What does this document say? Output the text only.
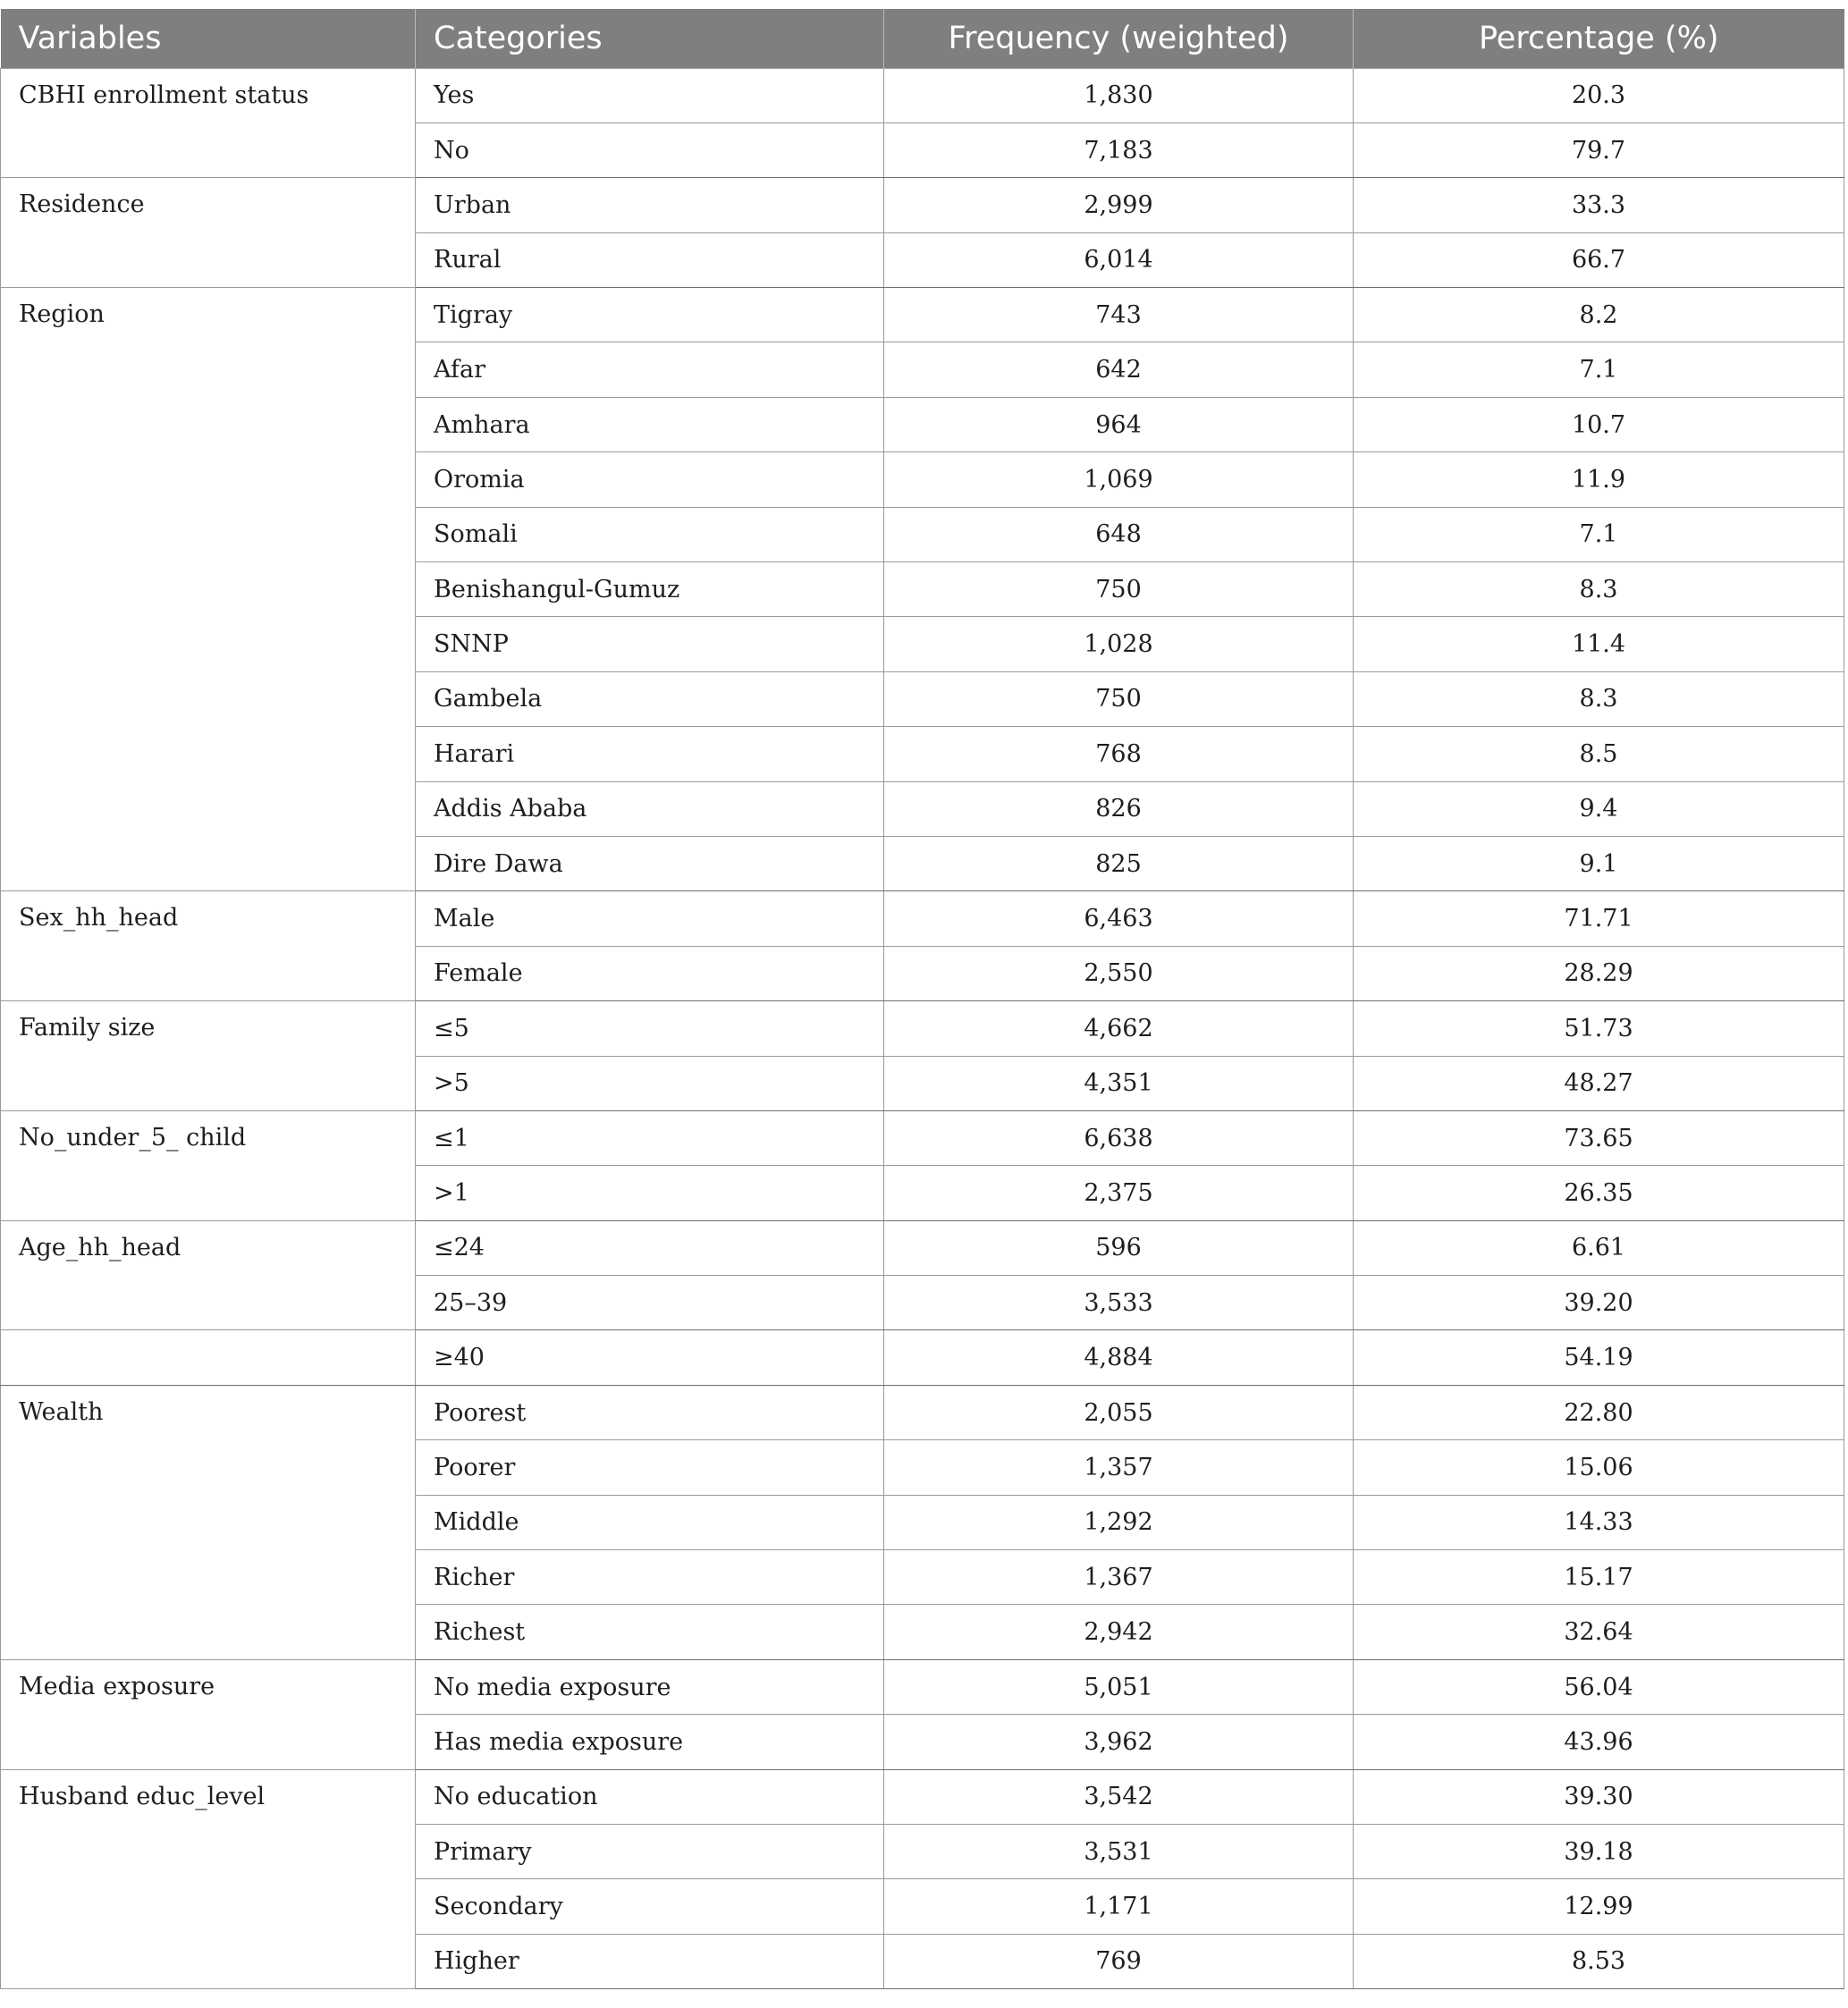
Variables	Categories	Frequency (weighted)	Percentage (%)
CBHI enrollment status	Yes	1,830	20.3
	No	7,183	79.7
Residence	Urban	2,999	33.3
	Rural	6,014	66.7
Region	Tigray	743	8.2
	Afar	642	7.1
	Amhara	964	10.7
	Oromia	1,069	11.9
	Somali	648	7.1
	Benishangul-Gumuz	750	8.3
	SNNP	1,028	11.4
	Gambela	750	8.3
	Harari	768	8.5
	Addis Ababa	826	9.4
	Dire Dawa	825	9.1
Sex_hh_head	Male	6,463	71.71
	Female	2,550	28.29
Family size	≤5	4,662	51.73
	>5	4,351	48.27
No_under_5_ child	≤1	6,638	73.65
	>1	2,375	26.35
Age_hh_head	≤24	596	6.61
	25–39	3,533	39.20
	≥40	4,884	54.19
Wealth	Poorest	2,055	22.80
	Poorer	1,357	15.06
	Middle	1,292	14.33
	Richer	1,367	15.17
	Richest	2,942	32.64
Media exposure	No media exposure	5,051	56.04
	Has media exposure	3,962	43.96
Husband educ_level	No education	3,542	39.30
	Primary	3,531	39.18
	Secondary	1,171	12.99
	Higher	769	8.53
